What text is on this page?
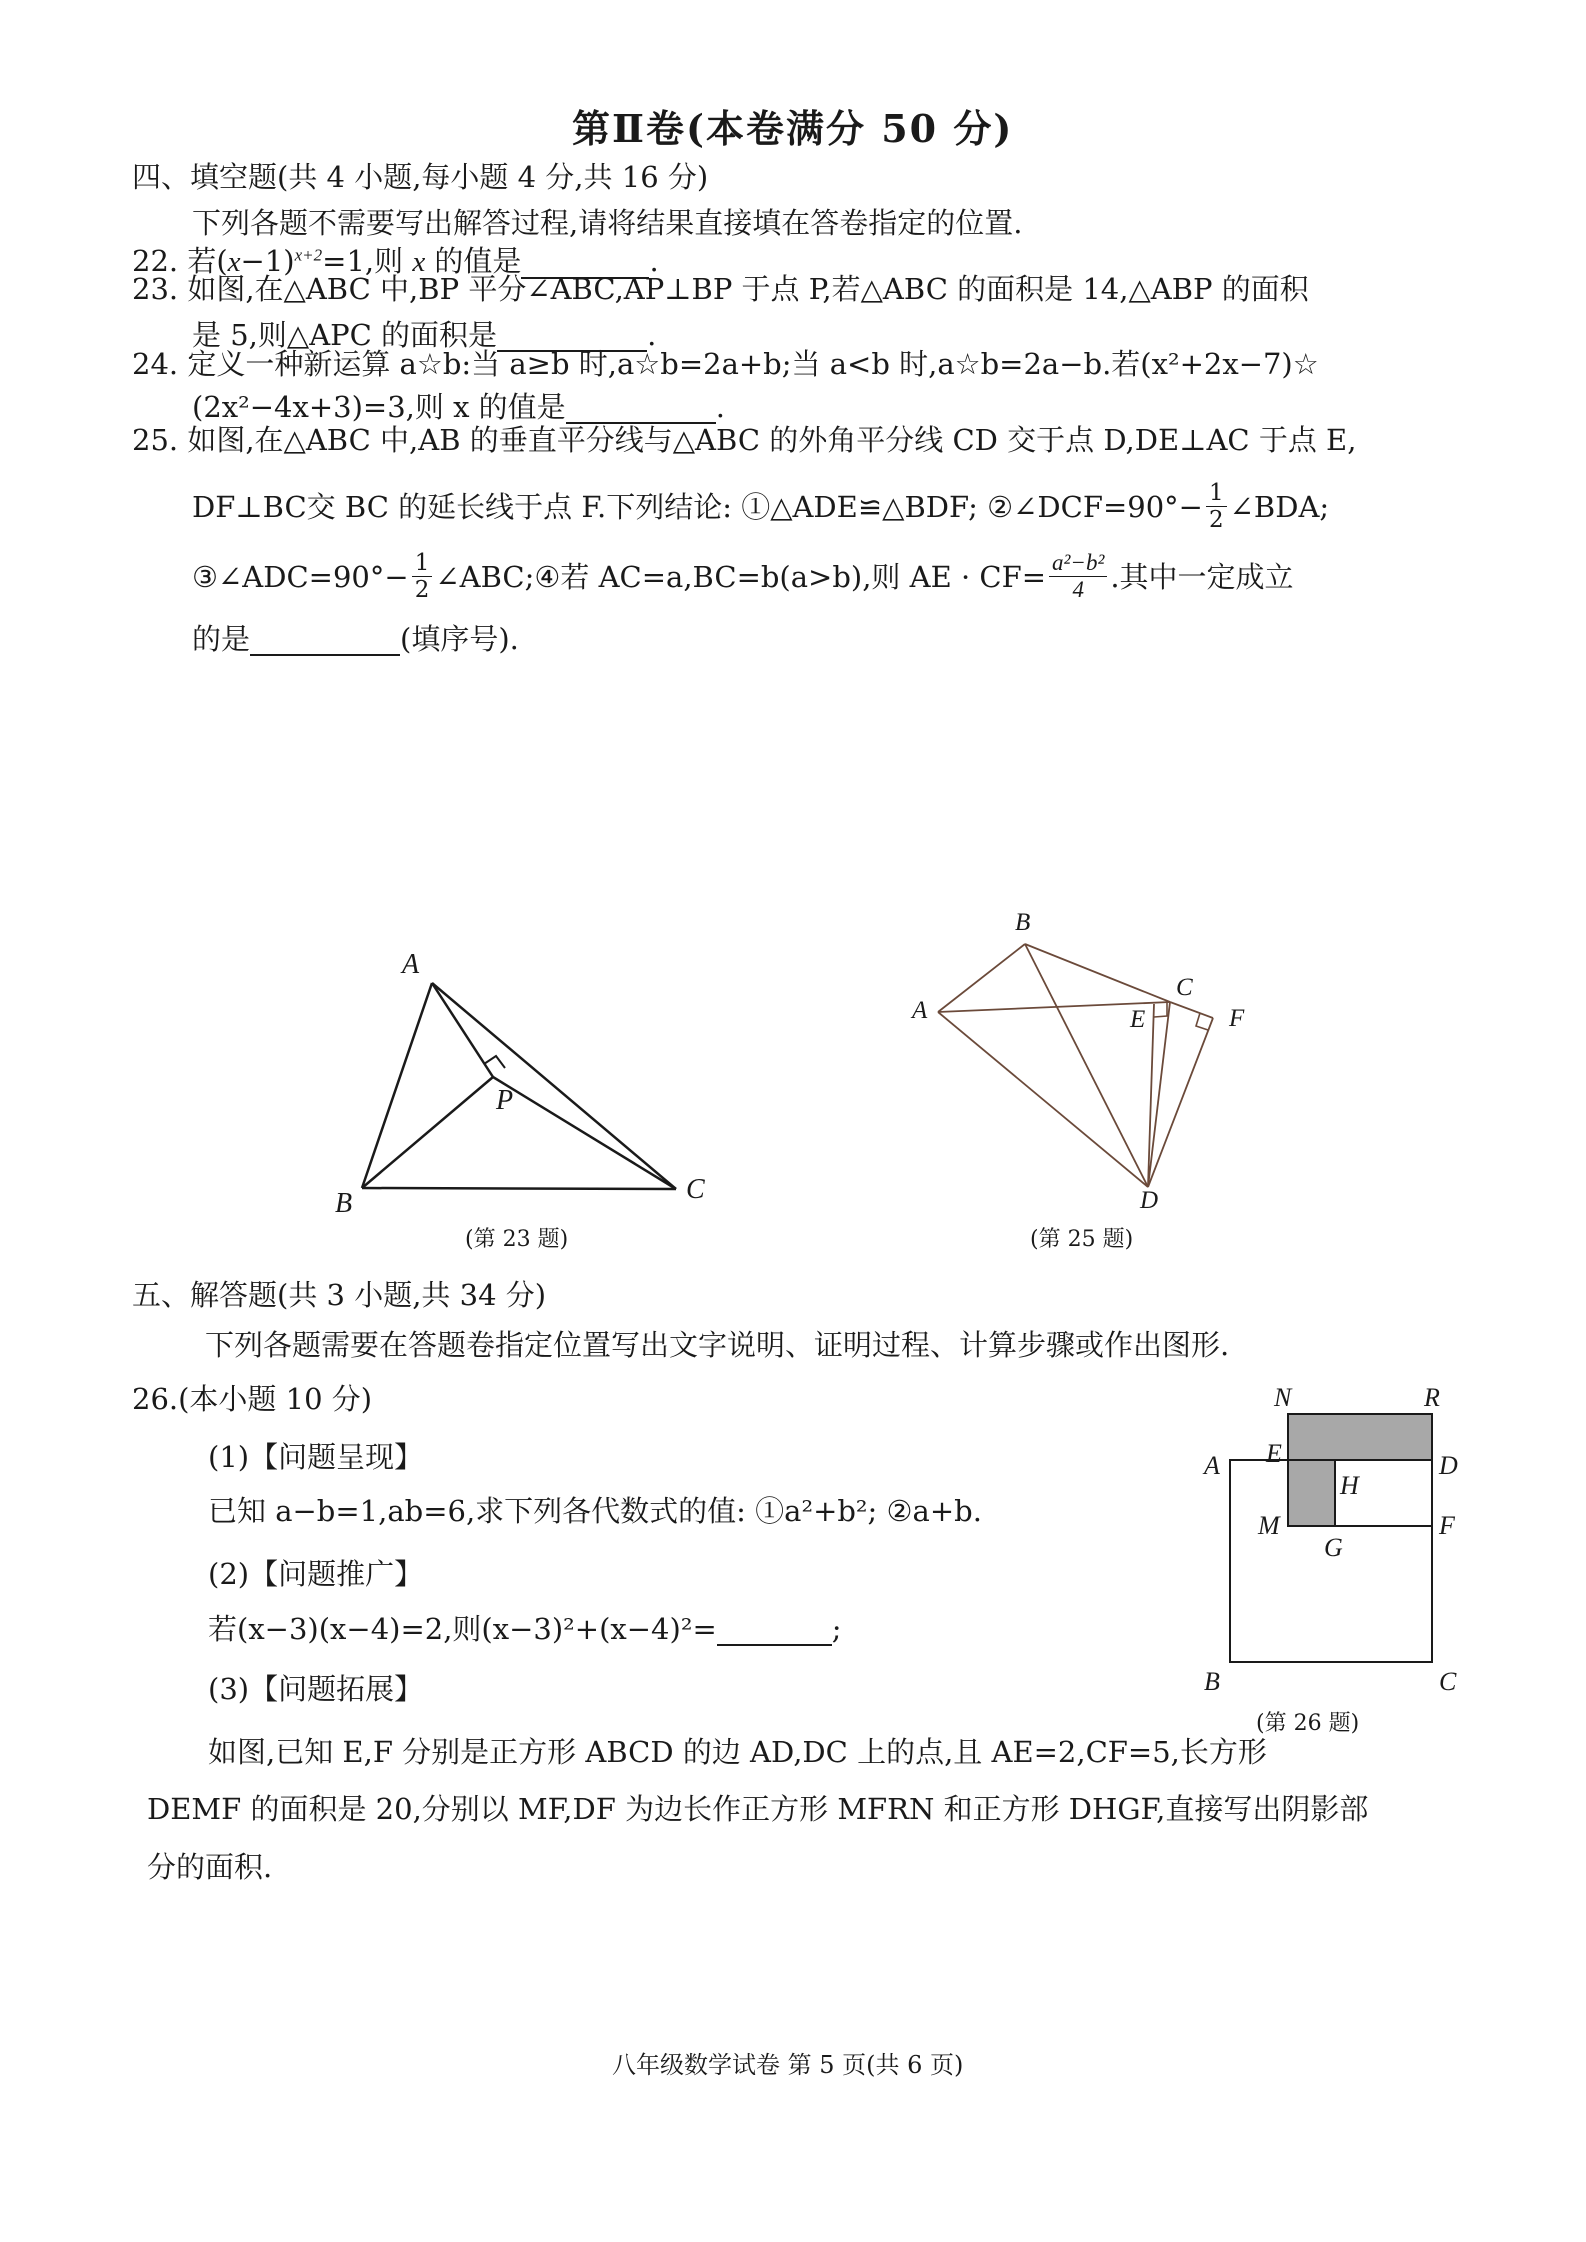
第Ⅱ卷(本卷满分 50 分)
四、填空题(共 4 小题,每小题 4 分,共 16 分)
下列各题不需要写出解答过程,请将结果直接填在答卷指定的位置.
22. 若$(x-1)^{x+2}=1$,则 x 的值是	.
23. 如图,在△ABC 中,BP 平分∠ABC,AP⊥BP 于点 P,若△ABC 的面积是 14,△ABP 的面积
是 5,则△APC 的面积是	.
24. 定义一种新运算 a☆b:当 a≥b 时,a☆b=2a+b;当 a<b 时,a☆b=2a−b.若(x²+2x−7)☆
(2x²−4x+3)=3,则 x 的值是	.
25. 如图,在△ABC 中,AB 的垂直平分线与△ABC 的外角平分线 CD 交于点 D,DE⊥AC 于点 E,
DF⊥BC交 BC 的延长线于点 F.下列结论: ①△ADE≌△BDF; ②∠DCF=90°− $\frac{1}{2}$ ∠BDA;
③∠ADC=90°− $\frac{1}{2}$ ∠ABC;④若 AC=a,BC=b(a>b),则 AE · $CF= \frac{\text{a²−b²}}{4}$ .其中一定成立
的是	(填序号).
A
B	C
P
(第 23 题)
B
A
C
E	F
D
(第 25 题)
五、解答题(共 3 小题,共 34 分)
下列各题需要在答题卷指定位置写出文字说明、证明过程、计算步骤或作出图形.
26.(本小题 10 分)
(1)【问题呈现】
已知 a−b=1,ab=6,求下列各代数式的值: ①a²+b²; ②a+b.
(2)【问题推广】
若(x−3)(x−4)=2,则(x−3)²+(x−4)²=	;
(3)【问题拓展】
如图,已知 E,F 分别是正方形 ABCD 的边 AD,DC 上的点,且 AE=2,CF=5,长方形
DEMF 的面积是 20,分别以 MF,DF 为边长作正方形 MFRN 和正方形 DHGF,直接写出阴影部
分的面积.
N	R
A E	D
H
M	F
G
B	C
(第 26 题)
八年级数学试卷 第 5 页(共 6 页)
